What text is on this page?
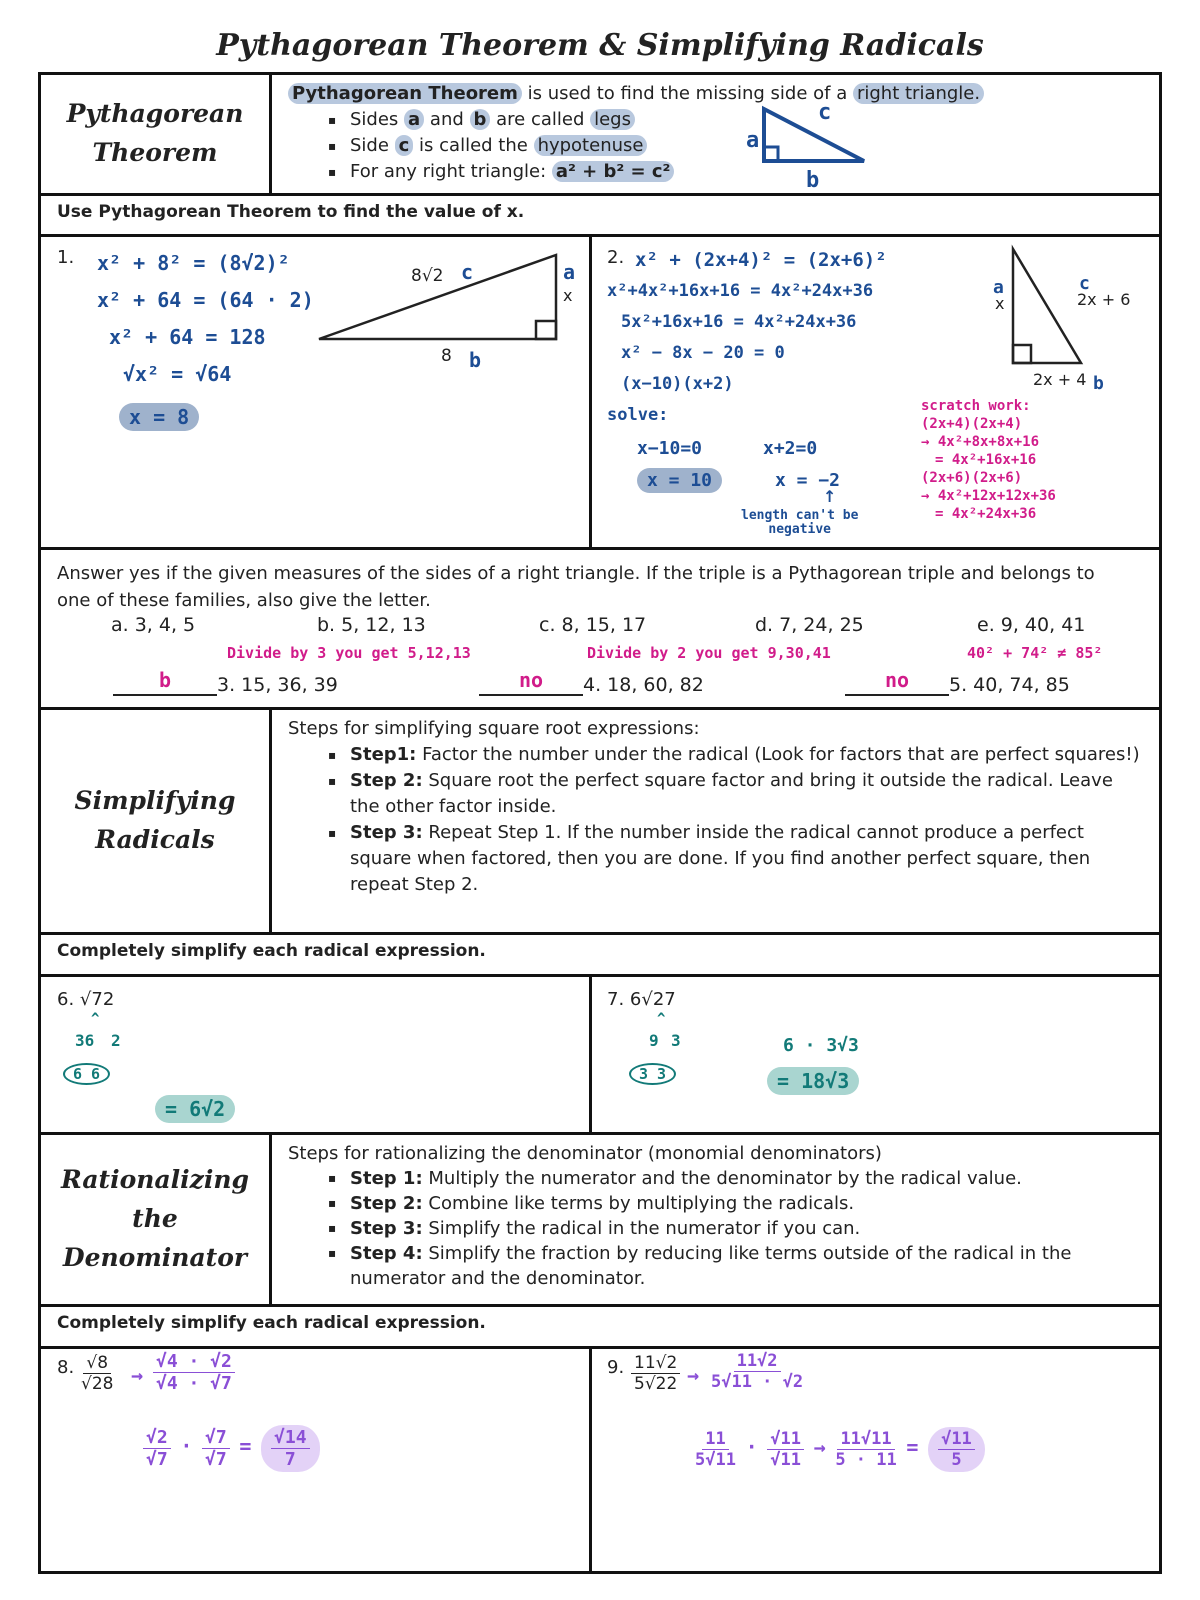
Pythagorean Theorem & Simplifying Radicals
Pythagorean
Theorem
Pythagorean Theorem is used to find the missing side of a right triangle.
▪ Sides a and b are called legs
▪ Side c is called the hypotenuse
▪ For any right triangle: a² + b² = c²
a
b
c
Use Pythagorean Theorem to find the value of x.
1. x² + 8² = (8√2)²
x² + 64 = (64 · 2)
x² + 64 = 128
√x² = √64
x = 8
8√2 c
8 b
x
a
2. x² + (2x+4)² = (2x+6)²
x²+4x²+16x+16 = 4x²+24x+36
5x²+16x+16 = 4x²+24x+36
x² − 8x − 20 = 0
(x−10)(x+2)
solve:
x−10=0
x = 10
x+2=0
x = −2
↑
length can't be
negative
x
a
2x + 6
c
2x + 4 b
scratch work:
(2x+4)(2x+4)
→ 4x²+8x+8x+16
= 4x²+16x+16
(2x+6)(2x+6)
→ 4x²+12x+12x+36
= 4x²+24x+36
Answer yes if the given measures of the sides of a right triangle. If the triple is a Pythagorean triple and belongs to one of these families, also give the letter.
a. 3, 4, 5	b. 5, 12, 13	c. 8, 15, 17	d. 7, 24, 25	e. 9, 40, 41
Divide by 3 you get 5,12,13	Divide by 2 you get 9,30,41	40² + 74² ≠ 85²
b	3. 15, 36, 39	no	4. 18, 60, 82	no	5. 40, 74, 85
Simplifying
Radicals
Steps for simplifying square root expressions:
▪ Step1: Factor the number under the radical (Look for factors that are perfect squares!)
▪ Step 2: Square root the perfect square factor and bring it outside the radical. Leave the other factor inside.
▪ Step 3: Repeat Step 1. If the number inside the radical cannot produce a perfect square when factored, then you are done. If you find another perfect square, then repeat Step 2.
Completely simplify each radical expression.
6. √72
^
36 2
6 6
= 6√2
7. 6√27
^
9 3
3 3
6 · 3√3
= 18√3
Rationalizing
the
Denominator
Steps for rationalizing the denominator (monomial denominators)
▪ Step 1: Multiply the numerator and the denominator by the radical value.
▪ Step 2: Combine like terms by multiplying the radicals.
▪ Step 3: Simplify the radical in the numerator if you can.
▪ Step 4: Simplify the fraction by reducing like terms outside of the radical in the numerator and the denominator.
Completely simplify each radical expression.
8. $\frac{√8}{√28} \to \frac{√4 \cdot √2}{√4 \cdot √7}$
$\frac{√2}{√7} \cdot \frac{√7}{√7} = \frac{√14}{7}$
9. $\frac{11√2}{5√22} \to \frac{11√2}{5√11 \cdot √2}$
$\frac{11}{5√11} \cdot \frac{√11}{√11} \to \frac{11√11}{5 \cdot 11} = \frac{√11}{5}$
